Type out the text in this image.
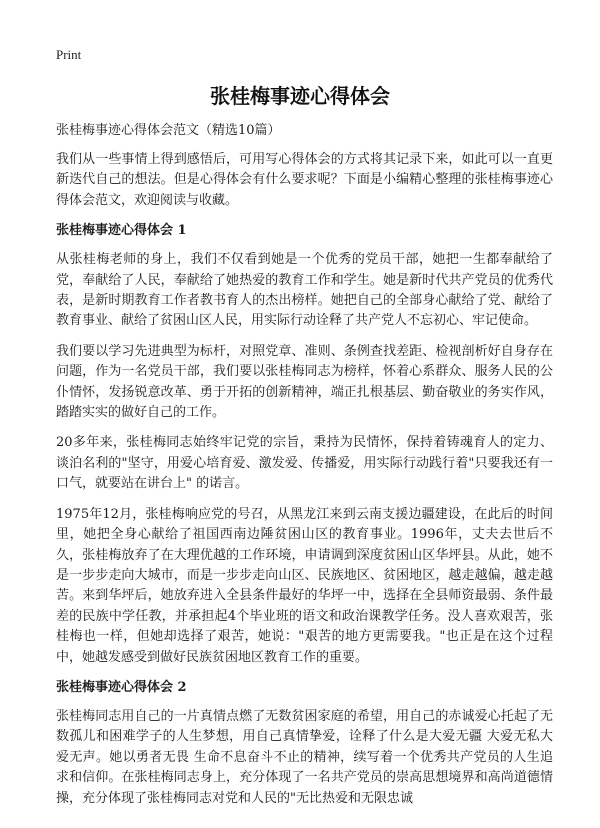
Print
张桂梅事迹心得体会

张桂梅事迹心得体会范文（精选10篇）

我们从一些事情上得到感悟后，可用写心得体会的方式将其记录下来，如此可以一直更新迭代自己的想法。但是心得体会有什么要求呢？下面是小编精心整理的张桂梅事迹心得体会范文，欢迎阅读与收藏。

张桂梅事迹心得体会 1

从张桂梅老师的身上，我们不仅看到她是一个优秀的党员干部，她把一生都奉献给了党，奉献给了人民，奉献给了她热爱的教育工作和学生。她是新时代共产党员的优秀代表，是新时期教育工作者教书育人的杰出榜样。她把自己的全部身心献给了党、献给了教育事业、献给了贫困山区人民，用实际行动诠释了共产党人不忘初心、牢记使命。

我们要以学习先进典型为标杆，对照党章、准则、条例查找差距、检视剖析好自身存在问题，作为一名党员干部，我们要以张桂梅同志为榜样，怀着心系群众、服务人民的公仆情怀，发扬锐意改革、勇于开拓的创新精神，端正扎根基层、勤奋敬业的务实作风，踏踏实实的做好自己的工作。

20多年来，张桂梅同志始终牢记党的宗旨，秉持为民情怀，保持着铸魂育人的定力、谈泊名利的"坚守，用爱心培育爱、激发爱、传播爱，用实际行动践行着"只要我还有一口气，就要站在讲台上" 的诺言。

1975年12月，张桂梅响应党的号召，从黑龙江来到云南支援边疆建设，在此后的时间里，她把全身心献给了祖国西南边陲贫困山区的教育事业。1996年，丈夫去世后不久，张桂梅放弃了在大理优越的工作环境，申请调到深度贫困山区华坪县。从此，她不是一步步走向大城市，而是一步步走向山区、民族地区、贫困地区，越走越偏，越走越苦。来到华坪后，她放弃进入全县条件最好的华坪一中，选择在全县师资最弱、条件最差的民族中学任教，并承担起4个毕业班的语文和政治课教学任务。没人喜欢艰苦，张桂梅也一样，但她却选择了艰苦，她说："艰苦的地方更需要我。"也正是在这个过程中，她越发感受到做好民族贫困地区教育工作的重要。

张桂梅事迹心得体会 2

张桂梅同志用自己的一片真情点燃了无数贫困家庭的希望，用自己的赤诚爱心托起了无数孤儿和困难学子的人生梦想，用自己真情挚爱，诠释了什么是大爱无疆 大爱无私大爱无声。她以勇者无畏 生命不息奋斗不止的精神，续写着一个优秀共产党员的人生追求和信仰。在张桂梅同志身上，充分体现了一名共产党员的崇高思想境界和高尚道德情操，充分体现了张桂梅同志对党和人民的"无比热爱和无限忠诚
